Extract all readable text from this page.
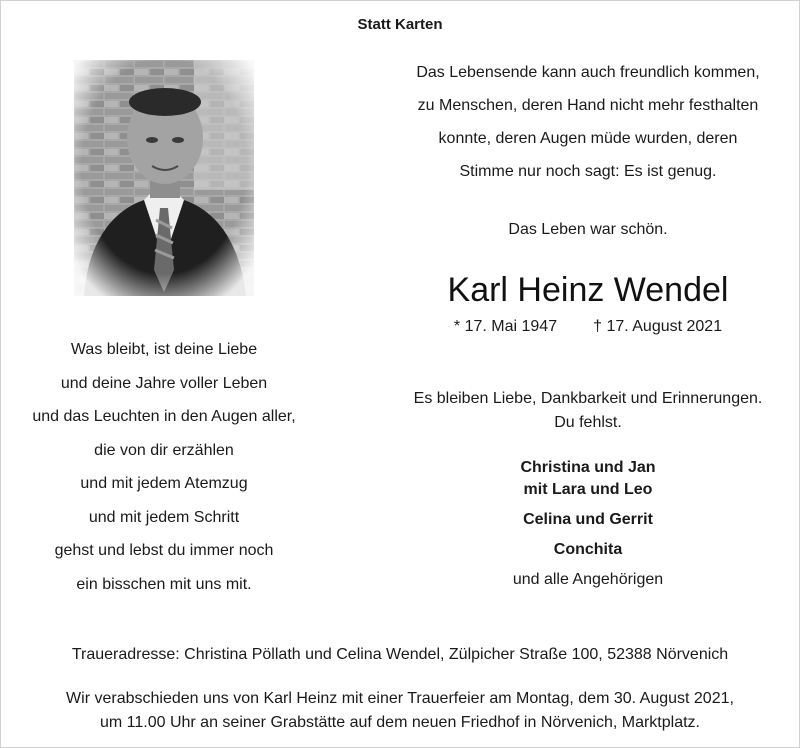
Statt Karten
Das Lebensende kann auch freundlich kommen,
zu Menschen, deren Hand nicht mehr festhalten
konnte, deren Augen müde wurden, deren
Stimme nur noch sagt: Es ist genug.
Das Leben war schön.
Karl Heinz Wendel
* 17. Mai 1947 † 17. August 2021
Was bleibt, ist deine Liebe
und deine Jahre voller Leben
und das Leuchten in den Augen aller,
die von dir erzählen
und mit jedem Atemzug
und mit jedem Schritt
gehst und lebst du immer noch
ein bisschen mit uns mit.
Es bleiben Liebe, Dankbarkeit und Erinnerungen.
Du fehlst.
Christina und Jan
mit Lara und Leo
Celina und Gerrit
Conchita
und alle Angehörigen
Traueradresse: Christina Pöllath und Celina Wendel, Zülpicher Straße 100, 52388 Nörvenich
Wir verabschieden uns von Karl Heinz mit einer Trauerfeier am Montag, dem 30. August 2021,
um 11.00 Uhr an seiner Grabstätte auf dem neuen Friedhof in Nörvenich, Marktplatz.
